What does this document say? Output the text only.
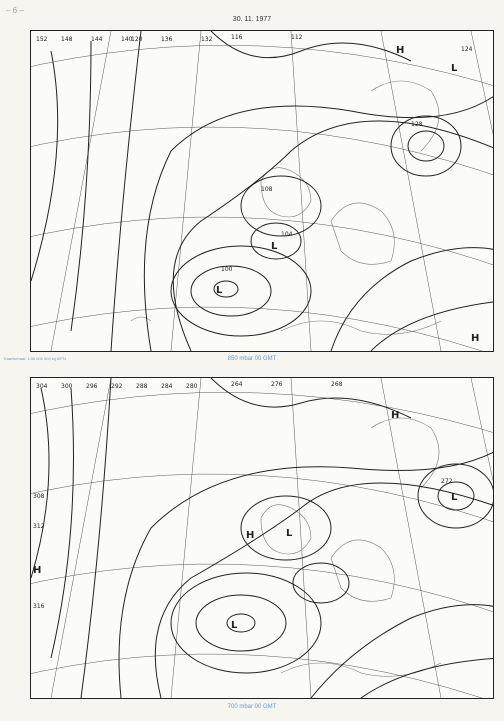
– 6 –
30. 11. 1977
152 148	144	140	136	132
128
124
120	116	112
108
104
100
L
L
L
H
H
Kaartschaal: 1:30 000 000 bij 60°N	850 mbar 00 GMT
304 300 296 292 288 284 280	276
272
268
264
308
312
316
L
L
L
H
H
H
700 mbar 00 GMT
